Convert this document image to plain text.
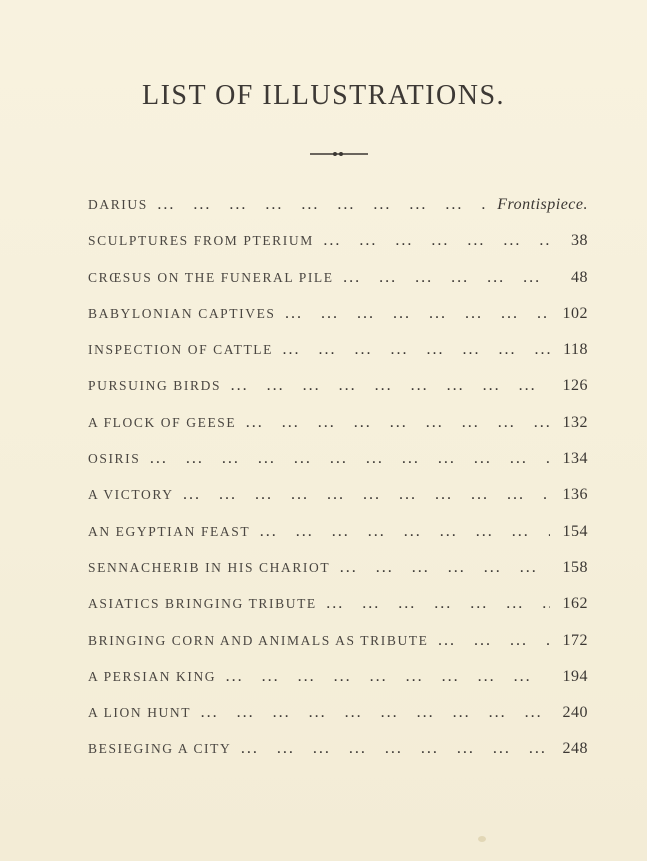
LIST OF ILLUSTRATIONS.
DARIUS ...	Frontispiece.
SCULPTURES FROM PTERIUM ...	38
CRŒSUS ON THE FUNERAL PILE ...	48
BABYLONIAN CAPTIVES ...	102
INSPECTION OF CATTLE ...	118
PURSUING BIRDS ...	126
A FLOCK OF GEESE ...	132
OSIRIS ...	134
A VICTORY ...	136
AN EGYPTIAN FEAST ...	154
SENNACHERIB IN HIS CHARIOT ...	158
ASIATICS BRINGING TRIBUTE ...	162
BRINGING CORN AND ANIMALS AS TRIBUTE ...	172
A PERSIAN KING ...	194
A LION HUNT ...	240
BESIEGING A CITY ...	248
